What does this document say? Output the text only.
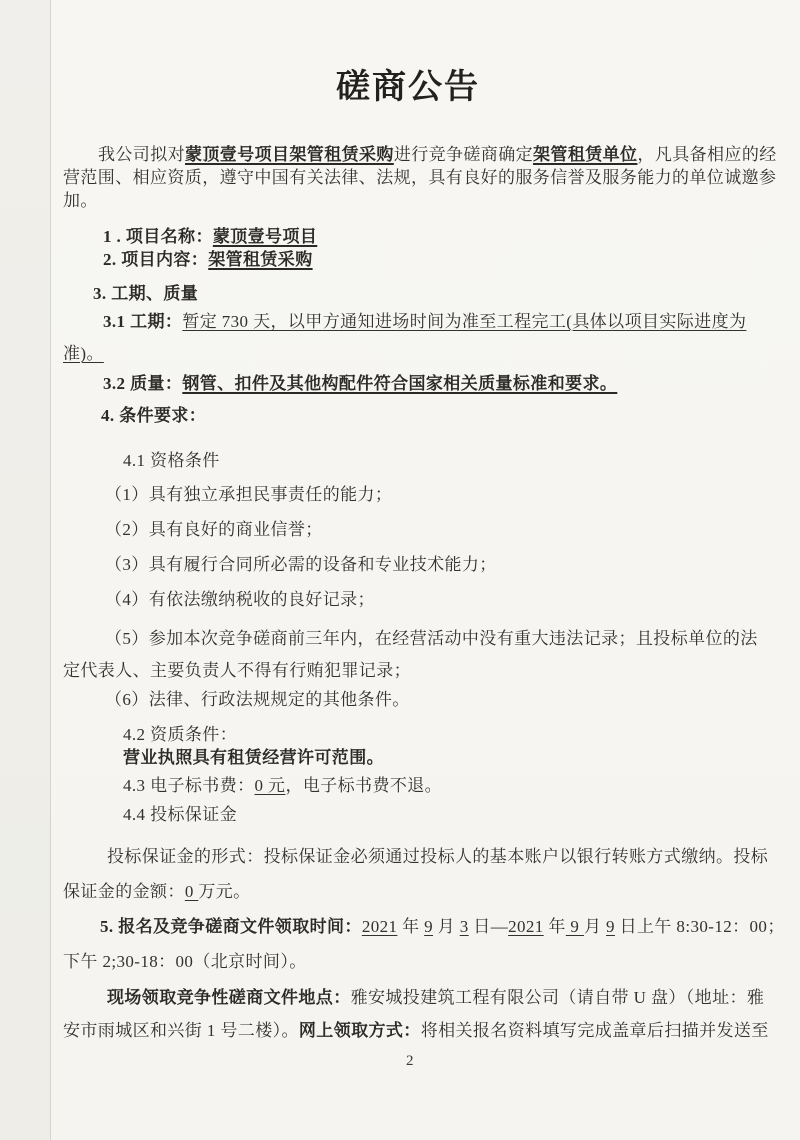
磋商公告
我公司拟对蒙顶壹号项目架管租赁采购进行竞争磋商确定架管租赁单位，凡具备相应的经
营范围、相应资质，遵守中国有关法律、法规，具有良好的服务信誉及服务能力的单位诚邀参
加。
1 . 项目名称：蒙顶壹号项目
2. 项目内容：架管租赁采购
3. 工期、质量
3.1 工期：暂定 730 天，以甲方通知进场时间为准至工程完工(具体以项目实际进度为
准)。
3.2 质量：钢管、扣件及其他构配件符合国家相关质量标准和要求。
4. 条件要求：
4.1 资格条件
（1）具有独立承担民事责任的能力；
（2）具有良好的商业信誉；
（3）具有履行合同所必需的设备和专业技术能力；
（4）有依法缴纳税收的良好记录；
（5）参加本次竞争磋商前三年内，在经营活动中没有重大违法记录；且投标单位的法
定代表人、主要负责人不得有行贿犯罪记录；
（6）法律、行政法规规定的其他条件。
4.2 资质条件：
营业执照具有租赁经营许可范围。
4.3 电子标书费：0 元，电子标书费不退。
4.4 投标保证金
投标保证金的形式：投标保证金必须通过投标人的基本账户以银行转账方式缴纳。投标
保证金的金额：0 万元。
5. 报名及竞争磋商文件领取时间：2021 年 9 月 3 日—2021 年 9 月 9 日上午 8:30-12：00；
下午 2;30-18：00（北京时间）。
现场领取竞争性磋商文件地点：雅安城投建筑工程有限公司（请自带 U 盘）（地址：雅
安市雨城区和兴街 1 号二楼）。网上领取方式：将相关报名资料填写完成盖章后扫描并发送至
2
